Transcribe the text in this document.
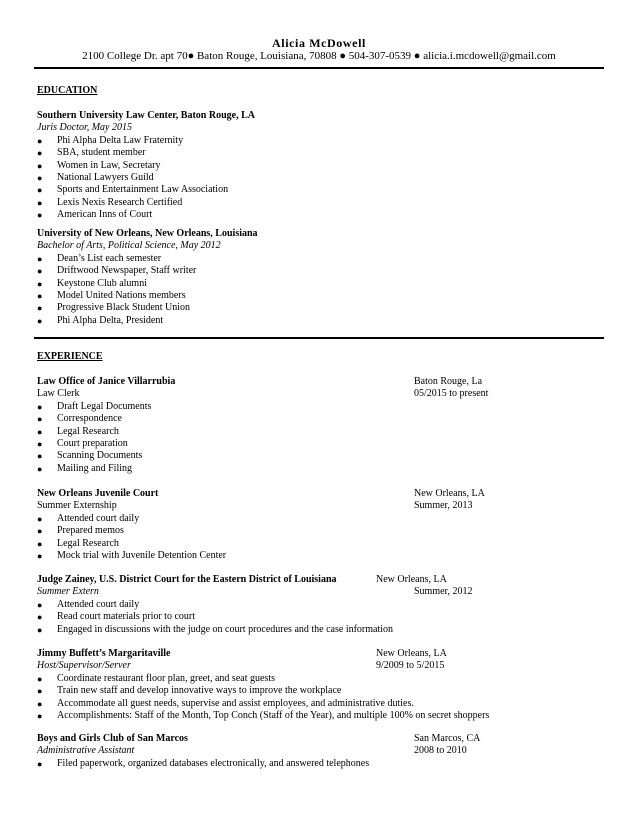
Alicia McDowell
2100 College Dr. apt 70● Baton Rouge, Louisiana, 70808 ● 504-307-0539 ● alicia.i.mcdowell@gmail.com
EDUCATION
Southern University Law Center, Baton Rouge, LA
Juris Doctor, May 2015
● Phi Alpha Delta Law Fraternity
● SBA, student member
● Women in Law, Secretary
● National Lawyers Guild
● Sports and Entertainment Law Association
● Lexis Nexis Research Certified
● American Inns of Court
University of New Orleans, New Orleans, Louisiana
Bachelor of Arts, Political Science, May 2012
● Dean’s List each semester
● Driftwood Newspaper, Staff writer
● Keystone Club alumni
● Model United Nations members
● Progressive Black Student Union
● Phi Alpha Delta, President
EXPERIENCE
Law Office of Janice Villarrubia	Baton Rouge, La
Law Clerk	05/2015 to present
● Draft Legal Documents
● Correspondence
● Legal Research
● Court preparation
● Scanning Documents
● Mailing and Filing
New Orleans Juvenile Court	New Orleans, LA
Summer Externship	Summer, 2013
● Attended court daily
● Prepared memos
● Legal Research
● Mock trial with Juvenile Detention Center
Judge Zainey, U.S. District Court for the Eastern District of Louisiana	New Orleans, LA
Summer Extern	Summer, 2012
● Attended court daily
● Read court materials prior to court
● Engaged in discussions with the judge on court procedures and the case information
Jimmy Buffett’s Margaritaville	New Orleans, LA
Host/Supervisor/Server	9/2009 to 5/2015
● Coordinate restaurant floor plan, greet, and seat guests
● Train new staff and develop innovative ways to improve the workplace
● Accommodate all guest needs, supervise and assist employees, and administrative duties.
● Accomplishments: Staff of the Month, Top Conch (Staff of the Year), and multiple 100% on secret shoppers
Boys and Girls Club of San Marcos	San Marcos, CA
Administrative Assistant	2008 to 2010
● Filed paperwork, organized databases electronically, and answered telephones
